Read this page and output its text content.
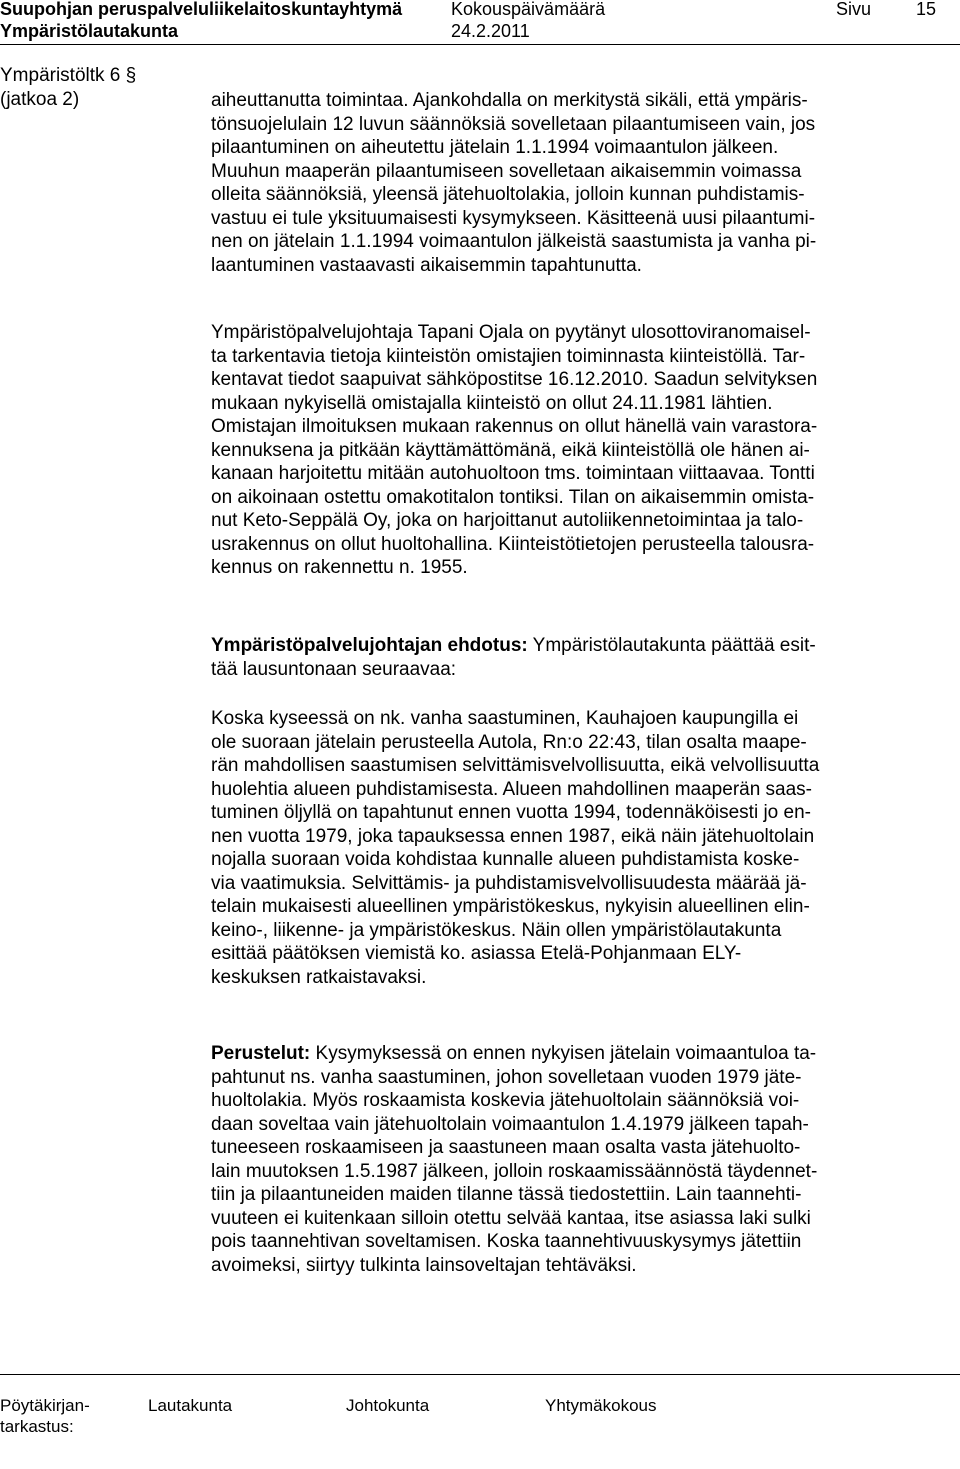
Suupohjan peruspalveluliikelaitoskuntayhtymä	Kokouspäivämäärä	Sivu 15
Ympäristölautakunta	24.2.2011
Ympäristöltk 6 §
(jatkoa 2)	aiheuttanutta toimintaa. Ajankohdalla on merkitystä sikäli, että ympäris-
tönsuojelulain 12 luvun säännöksiä sovelletaan pilaantumiseen vain, jos
pilaantuminen on aiheutettu jätelain 1.1.1994 voimaantulon jälkeen.
Muuhun maaperän pilaantumiseen sovelletaan aikaisemmin voimassa
olleita säännöksiä, yleensä jätehuoltolakia, jolloin kunnan puhdistamis-
vastuu ei tule yksituumaisesti kysymykseen. Käsitteenä uusi pilaantumi-
nen on jätelain 1.1.1994 voimaantulon jälkeistä saastumista ja vanha pi-
laantuminen vastaavasti aikaisemmin tapahtunutta.
Ympäristöpalvelujohtaja Tapani Ojala on pyytänyt ulosottoviranomaisel-
ta tarkentavia tietoja kiinteistön omistajien toiminnasta kiinteistöllä. Tar-
kentavat tiedot saapuivat sähköpostitse 16.12.2010. Saadun selvityksen
mukaan nykyisellä omistajalla kiinteistö on ollut 24.11.1981 lähtien.
Omistajan ilmoituksen mukaan rakennus on ollut hänellä vain varastora-
kennuksena ja pitkään käyttämättömänä, eikä kiinteistöllä ole hänen ai-
kanaan harjoitettu mitään autohuoltoon tms. toimintaan viittaavaa. Tontti
on aikoinaan ostettu omakotitalon tontiksi. Tilan on aikaisemmin omista-
nut Keto-Seppälä Oy, joka on harjoittanut autoliikennetoimintaa ja talo-
usrakennus on ollut huoltohallina. Kiinteistötietojen perusteella talousra-
kennus on rakennettu n. 1955.
Ympäristöpalvelujohtajan ehdotus: Ympäristölautakunta päättää esit-
tää lausuntonaan seuraavaa:
Koska kyseessä on nk. vanha saastuminen, Kauhajoen kaupungilla ei
ole suoraan jätelain perusteella Autola, Rn:o 22:43, tilan osalta maape-
rän mahdollisen saastumisen selvittämisvelvollisuutta, eikä velvollisuutta
huolehtia alueen puhdistamisesta. Alueen mahdollinen maaperän saas-
tuminen öljyllä on tapahtunut ennen vuotta 1994, todennäköisesti jo en-
nen vuotta 1979, joka tapauksessa ennen 1987, eikä näin jätehuoltolain
nojalla suoraan voida kohdistaa kunnalle alueen puhdistamista koske-
via vaatimuksia. Selvittämis- ja puhdistamisvelvollisuudesta määrää jä-
telain mukaisesti alueellinen ympäristökeskus, nykyisin alueellinen elin-
keino-, liikenne- ja ympäristökeskus. Näin ollen ympäristölautakunta
esittää päätöksen viemistä ko. asiassa Etelä-Pohjanmaan ELY-
keskuksen ratkaistavaksi.
Perustelut: Kysymyksessä on ennen nykyisen jätelain voimaantuloa ta-
pahtunut ns. vanha saastuminen, johon sovelletaan vuoden 1979 jäte-
huoltolakia. Myös roskaamista koskevia jätehuoltolain säännöksiä voi-
daan soveltaa vain jätehuoltolain voimaantulon 1.4.1979 jälkeen tapah-
tuneeseen roskaamiseen ja saastuneen maan osalta vasta jätehuolto-
lain muutoksen 1.5.1987 jälkeen, jolloin roskaamissäännöstä täydennet-
tiin ja pilaantuneiden maiden tilanne tässä tiedostettiin. Lain taannehti-
vuuteen ei kuitenkaan silloin otettu selvää kantaa, itse asiassa laki sulki
pois taannehtivan soveltamisen. Koska taannehtivuuskysymys jätettiin
avoimeksi, siirtyy tulkinta lainsoveltajan tehtäväksi.
Pöytäkirjan-
tarkastus:
Lautakunta	Johtokunta	Yhtymäkokous
